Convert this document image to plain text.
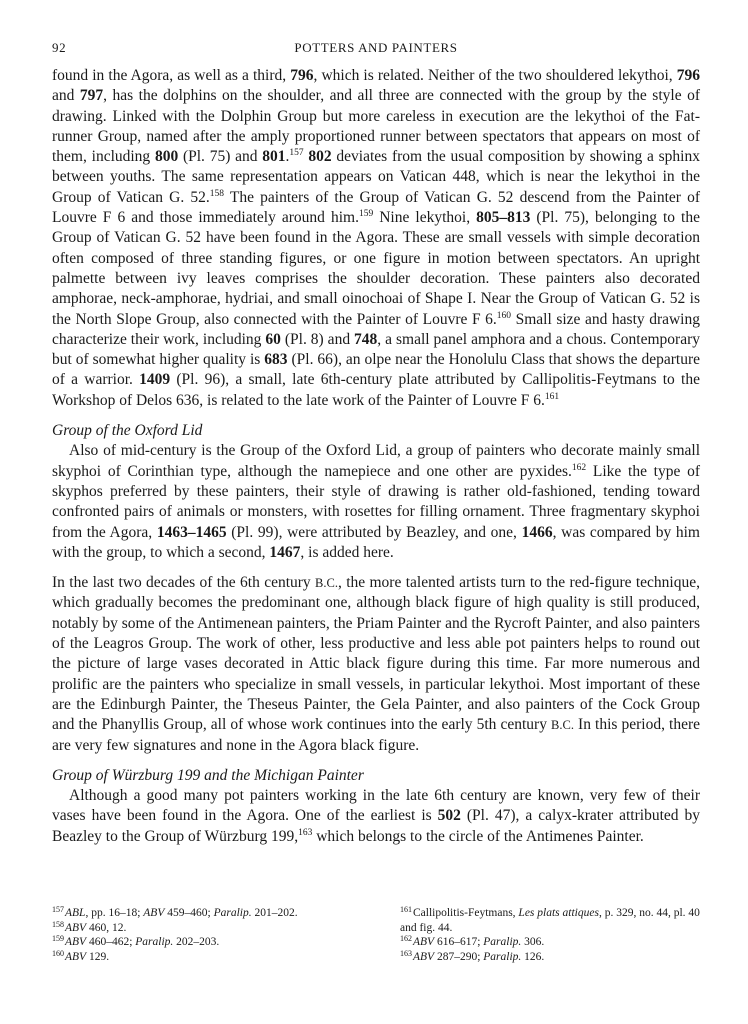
92	POTTERS AND PAINTERS

found in the Agora, as well as a third, 796, which is related. Neither of the two shouldered lekythoi, 796 and 797, has the dolphins on the shoulder, and all three are connected with the group by the style of drawing. Linked with the Dolphin Group but more careless in execution are the lekythoi of the Fat-runner Group, named after the amply proportioned runner between spectators that appears on most of them, including 800 (Pl. 75) and 801.$^{157}$ 802 deviates from the usual composition by showing a sphinx between youths. The same representation appears on Vatican 448, which is near the lekythoi in the Group of Vatican G. 52.$^{158}$ The painters of the Group of Vatican G. 52 descend from the Painter of Louvre F 6 and those immediately around him.$^{159}$ Nine lekythoi, 805–813 (Pl. 75), belonging to the Group of Vatican G. 52 have been found in the Agora. These are small vessels with simple decoration often composed of three standing figures, or one figure in motion between spectators. An upright palmette between ivy leaves comprises the shoulder decoration. These painters also decorated amphorae, neck-amphorae, hydriai, and small oinochoai of Shape I. Near the Group of Vatican G. 52 is the North Slope Group, also connected with the Painter of Louvre F 6.$^{160}$ Small size and hasty drawing characterize their work, including 60 (Pl. 8) and 748, a small panel amphora and a chous. Contemporary but of somewhat higher quality is 683 (Pl. 66), an olpe near the Honolulu Class that shows the departure of a warrior. 1409 (Pl. 96), a small, late 6th-century plate attributed by Callipolitis-Feytmans to the Workshop of Delos 636, is related to the late work of the Painter of Louvre F 6.$^{161}$

Group of the Oxford Lid

Also of mid-century is the Group of the Oxford Lid, a group of painters who decorate mainly small skyphoi of Corinthian type, although the namepiece and one other are pyxides.$^{162}$ Like the type of skyphos preferred by these painters, their style of drawing is rather old-fashioned, tending toward confronted pairs of animals or monsters, with rosettes for filling ornament. Three fragmentary skyphoi from the Agora, 1463–1465 (Pl. 99), were attributed by Beazley, and one, 1466, was compared by him with the group, to which a second, 1467, is added here.

In the last two decades of the 6th century B.C., the more talented artists turn to the red-figure technique, which gradually becomes the predominant one, although black figure of high quality is still produced, notably by some of the Antimenean painters, the Priam Painter and the Rycroft Painter, and also painters of the Leagros Group. The work of other, less productive and less able pot painters helps to round out the picture of large vases decorated in Attic black figure during this time. Far more numerous and prolific are the painters who specialize in small vessels, in particular lekythoi. Most important of these are the Edinburgh Painter, the Theseus Painter, the Gela Painter, and also painters of the Cock Group and the Phanyllis Group, all of whose work continues into the early 5th century B.C. In this period, there are very few signatures and none in the Agora black figure.

Group of Würzburg 199 and the Michigan Painter

Although a good many pot painters working in the late 6th century are known, very few of their vases have been found in the Agora. One of the earliest is 502 (Pl. 47), a calyx-krater attributed by Beazley to the Group of Würzburg 199,$^{163}$ which belongs to the circle of the Antimenes Painter.

$^{157}$ABL, pp. 16–18; ABV 459–460; Paralip. 201–202.

$^{158}$ABV 460, 12.

$^{159}$ABV 460–462; Paralip. 202–203.

$^{160}$ABV 129.

$^{161}$Callipolitis-Feytmans, Les plats attiques, p. 329, no. 44, pl. 40 and fig. 44.

$^{162}$ABV 616–617; Paralip. 306.

$^{163}$ABV 287–290; Paralip. 126.
